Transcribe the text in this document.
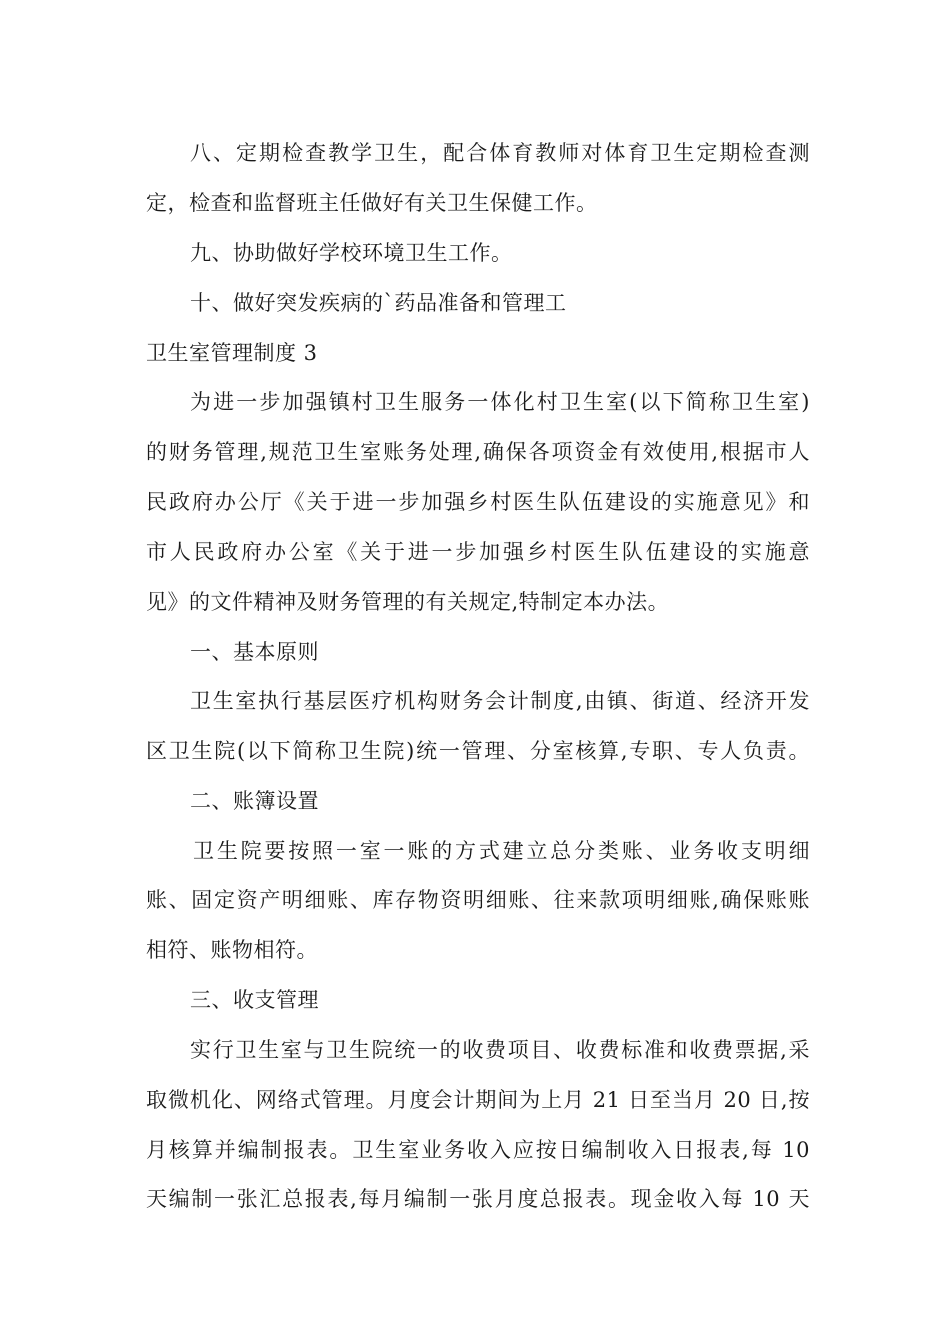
八、定期检查教学卫生，配合体育教师对体育卫生定期检查测
定，检查和监督班主任做好有关卫生保健工作。
九、协助做好学校环境卫生工作。
十、做好突发疾病的`药品准备和管理工
卫生室管理制度 3
为进一步加强镇村卫生服务一体化村卫生室(以下简称卫生室)
的财务管理,规范卫生室账务处理,确保各项资金有效使用,根据市人
民政府办公厅《关于进一步加强乡村医生队伍建设的实施意见》和
市人民政府办公室《关于进一步加强乡村医生队伍建设的实施意
见》的文件精神及财务管理的有关规定,特制定本办法。
一、基本原则
卫生室执行基层医疗机构财务会计制度,由镇、街道、经济开发
区卫生院(以下简称卫生院)统一管理、分室核算,专职、专人负责。
二、账簿设置
卫生院要按照一室一账的方式建立总分类账、业务收支明细
账、固定资产明细账、库存物资明细账、往来款项明细账,确保账账
相符、账物相符。
三、收支管理
实行卫生室与卫生院统一的收费项目、收费标准和收费票据,采
取微机化、网络式管理。月度会计期间为上月 21 日至当月 20 日,按
月核算并编制报表。卫生室业务收入应按日编制收入日报表,每 10
天编制一张汇总报表,每月编制一张月度总报表。现金收入每 10 天
